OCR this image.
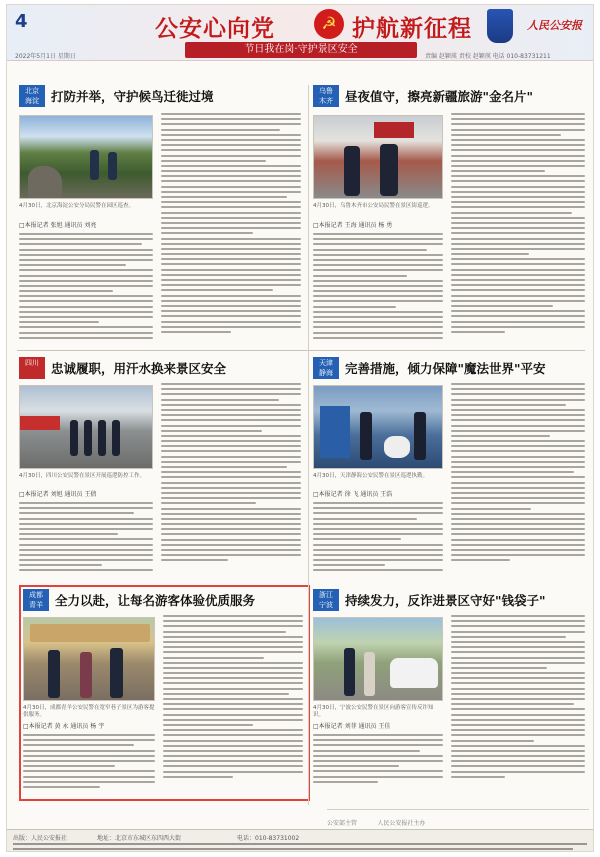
4	公安心向党	☭ 护航新征程	人民公安报
节日我在岗·守护景区安全
2022年5月1日 星期日	责编 赵颖瑛 责校 赵颖瑛 电话 010-83731211
北京
海淀 打防并举，守护候鸟迁徙过境
4月30日，北京海淀公安分局民警在园区巡查。
□本报记者 张旭 通讯员 刘亮
乌鲁
木齐 昼夜值守，擦亮新疆旅游"金名片"
4月30日，乌鲁木齐市公安局民警在景区街巡逻。
□本报记者 王海 通讯员 杨 勇
四川 忠诚履职，用汗水换来景区安全
4月30日，四川公安民警在景区开展巡逻防控工作。
□本报记者 刘旭 通讯员 王倩
天津
静海 完善措施，倾力保障"魔法世界"平安
4月30日，天津静海公安民警在景区巡逻执勤。
□本报记者 徐 飞 通讯员 王浩
成都
青羊 全力以赴，让每名游客体验优质服务
4月30日，成都青羊公安民警在宽窄巷子景区为游客提供服务。
□本报记者 黄 永 通讯员 杨 宇
浙江
宁波 持续发力，反诈进景区守好"钱袋子"
4月30日，宁波公安民警在景区向游客宣传反诈知识。
□本报记者 刘菲 通讯员 王佳
公安部主管	人民公安报社主办
出版：人民公安报社	地址：北京市东城区东四西大街	电话：010-83731002
